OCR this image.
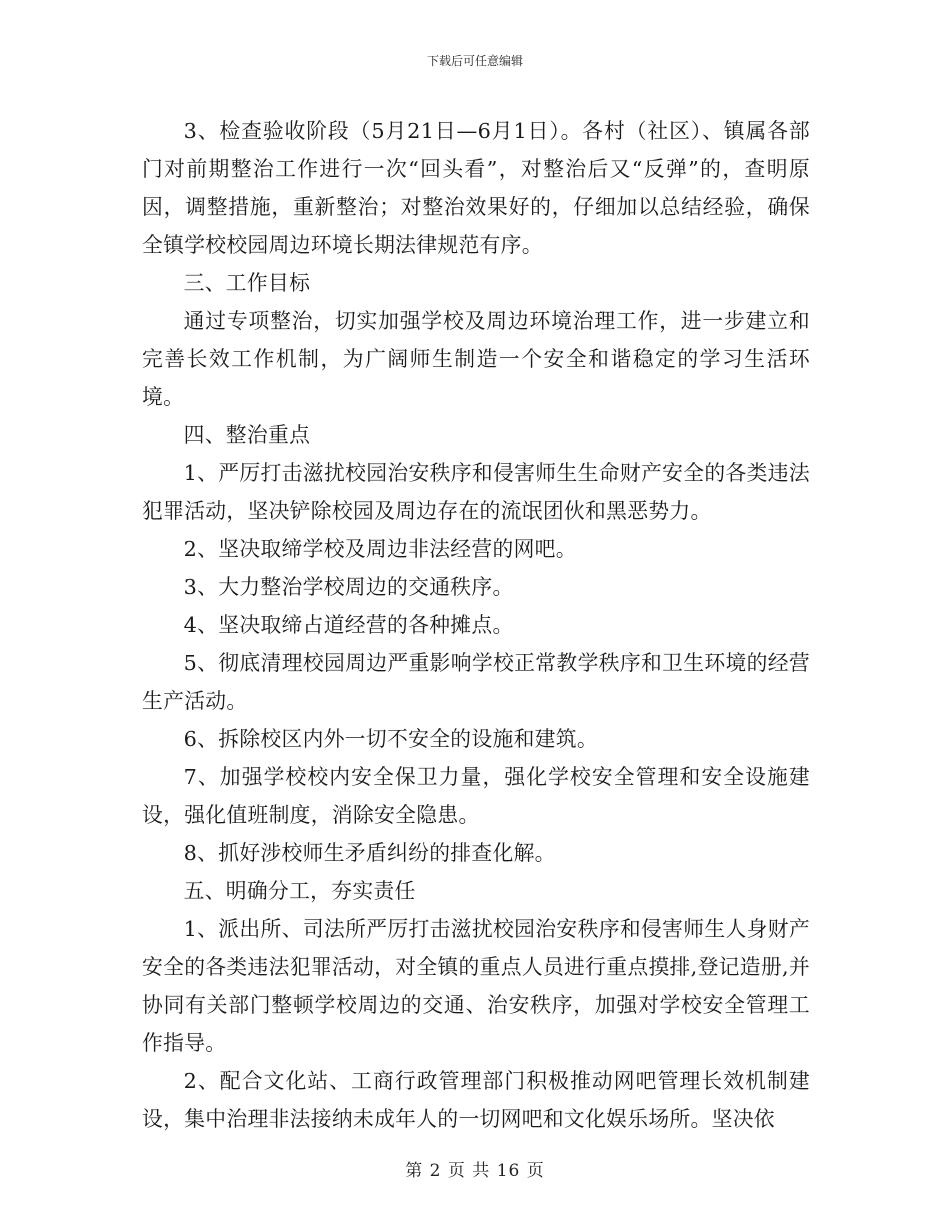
下载后可任意编辑

3、检查验收阶段（5月21日—6月1日）。各村（社区）、镇属各部门对前期整治工作进行一次“回头看”，对整治后又“反弹”的，查明原因，调整措施，重新整治；对整治效果好的，仔细加以总结经验，确保全镇学校校园周边环境长期法律规范有序。

三、工作目标

通过专项整治，切实加强学校及周边环境治理工作，进一步建立和完善长效工作机制，为广阔师生制造一个安全和谐稳定的学习生活环境。

四、整治重点

1、严厉打击滋扰校园治安秩序和侵害师生生命财产安全的各类违法犯罪活动，坚决铲除校园及周边存在的流氓团伙和黑恶势力。

2、坚决取缔学校及周边非法经营的网吧。

3、大力整治学校周边的交通秩序。

4、坚决取缔占道经营的各种摊点。

5、彻底清理校园周边严重影响学校正常教学秩序和卫生环境的经营生产活动。

6、拆除校区内外一切不安全的设施和建筑。

7、加强学校校内安全保卫力量，强化学校安全管理和安全设施建设，强化值班制度，消除安全隐患。

8、抓好涉校师生矛盾纠纷的排查化解。

五、明确分工，夯实责任

1、派出所、司法所严厉打击滋扰校园治安秩序和侵害师生人身财产安全的各类违法犯罪活动，对全镇的重点人员进行重点摸排,登记造册,并协同有关部门整顿学校周边的交通、治安秩序，加强对学校安全管理工作指导。

2、配合文化站、工商行政管理部门积极推动网吧管理长效机制建设，集中治理非法接纳未成年人的一切网吧和文化娱乐场所。坚决依

第 2 页 共 16 页
